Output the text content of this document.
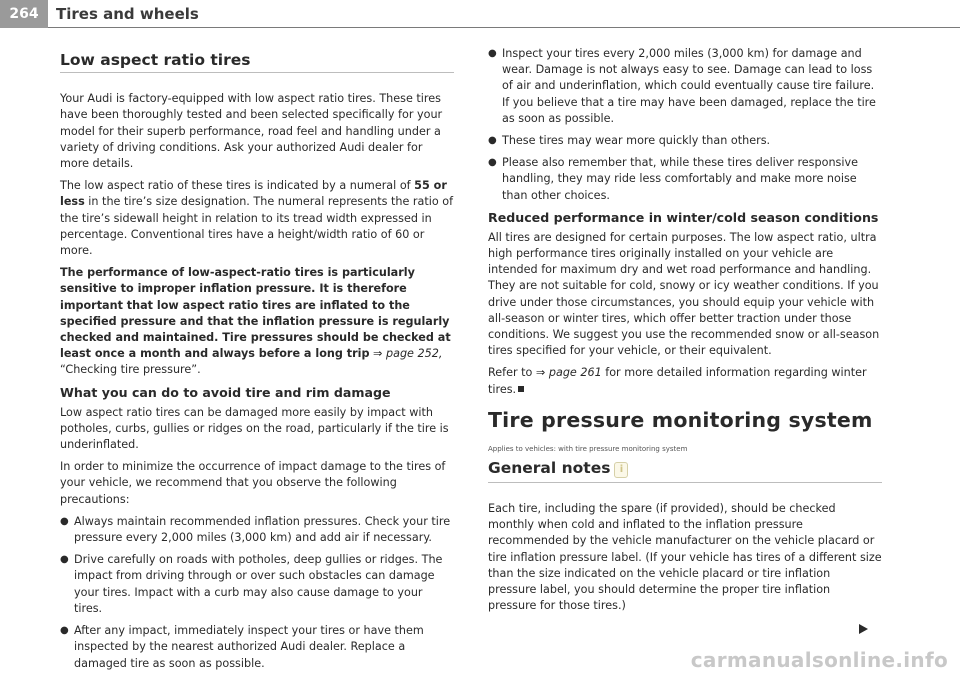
264	Tires and wheels
Low aspect ratio tires

Your Audi is factory-equipped with low aspect ratio tires. These tires have been thoroughly tested and been selected specifically for your model for their superb performance, road feel and handling under a variety of driving conditions. Ask your authorized Audi dealer for more details.

The low aspect ratio of these tires is indicated by a numeral of 55 or less in the tire’s size designation. The numeral represents the ratio of the tire’s sidewall height in relation to its tread width expressed in percentage. Conventional tires have a height/width ratio of 60 or more.

The performance of low-aspect-ratio tires is particularly sensitive to improper inflation pressure. It is therefore important that low aspect ratio tires are inflated to the specified pressure and that the inflation pressure is regularly checked and maintained. Tire pressures should be checked at least once a month and always before a long trip ⇒ page 252, “Checking tire pressure”.

What you can do to avoid tire and rim damage

Low aspect ratio tires can be damaged more easily by impact with potholes, curbs, gullies or ridges on the road, particularly if the tire is underinflated.

In order to minimize the occurrence of impact damage to the tires of your vehicle, we recommend that you observe the following precautions:

● Always maintain recommended inflation pressures. Check your tire pressure every 2,000 miles (3,000 km) and add air if necessary.
● Drive carefully on roads with potholes, deep gullies or ridges. The impact from driving through or over such obstacles can damage your tires. Impact with a curb may also cause damage to your tires.
● After any impact, immediately inspect your tires or have them inspected by the nearest authorized Audi dealer. Replace a damaged tire as soon as possible.
● Inspect your tires every 2,000 miles (3,000 km) for damage and wear. Damage is not always easy to see. Damage can lead to loss of air and underinflation, which could eventually cause tire failure. If you believe that a tire may have been damaged, replace the tire as soon as possible.
● These tires may wear more quickly than others.
● Please also remember that, while these tires deliver responsive handling, they may ride less comfortably and make more noise than other choices.
Reduced performance in winter/cold season conditions

All tires are designed for certain purposes. The low aspect ratio, ultra high performance tires originally installed on your vehicle are intended for maximum dry and wet road performance and handling. They are not suitable for cold, snowy or icy weather conditions. If you drive under those circumstances, you should equip your vehicle with all-season or winter tires, which offer better traction under those conditions. We suggest you use the recommended snow or all-season tires specified for your vehicle, or their equivalent.

Refer to ⇒ page 261 for more detailed information regarding winter tires.

Tire pressure monitoring system
Applies to vehicles: with tire pressure monitoring system
General notes i

Each tire, including the spare (if provided), should be checked monthly when cold and inflated to the inflation pressure recommended by the vehicle manufacturer on the vehicle placard or tire inflation pressure label. (If your vehicle has tires of a different size than the size indicated on the vehicle placard or tire inflation pressure label, you should determine the proper tire inflation pressure for those tires.)

carmanualsonline.info
